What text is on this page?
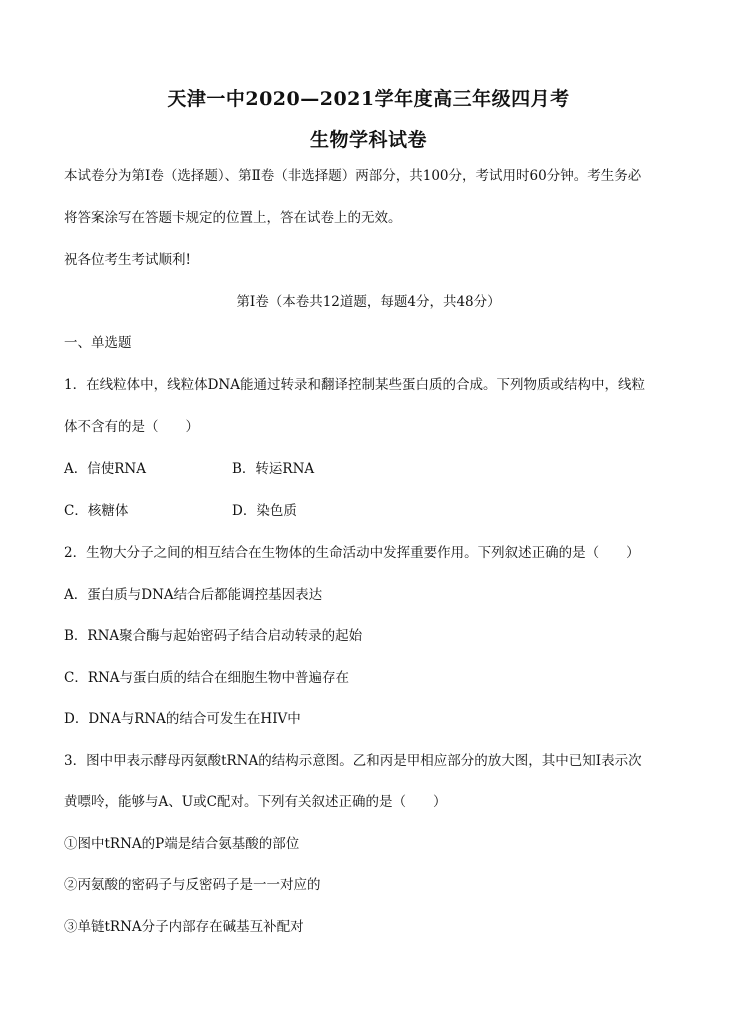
天津一中2020—2021学年度高三年级四月考
生物学科试卷
本试卷分为第Ⅰ卷（选择题）、第Ⅱ卷（非选择题）两部分，共100分，考试用时60分钟。考生务必
将答案涂写在答题卡规定的位置上，答在试卷上的无效。
祝各位考生考试顺利!
第Ⅰ卷（本卷共12道题，每题4分，共48分）
一、单选题
1．在线粒体中，线粒体DNA能通过转录和翻译控制某些蛋白质的合成。下列物质或结构中，线粒
体不含有的是（　　）
A．信使RNA	B．转运RNA
C．核糖体	D．染色质
2．生物大分子之间的相互结合在生物体的生命活动中发挥重要作用。下列叙述正确的是（　　）
A．蛋白质与DNA结合后都能调控基因表达
B．RNA聚合酶与起始密码子结合启动转录的起始
C．RNA与蛋白质的结合在细胞生物中普遍存在
D．DNA与RNA的结合可发生在HIV中
3．图中甲表示酵母丙氨酸tRNA的结构示意图。乙和丙是甲相应部分的放大图，其中已知Ⅰ表示次
黄嘌呤，能够与A、U或C配对。下列有关叙述正确的是（　　）
①图中tRNA的P端是结合氨基酸的部位
②丙氨酸的密码子与反密码子是一一对应的
③单链tRNA分子内部存在碱基互补配对
